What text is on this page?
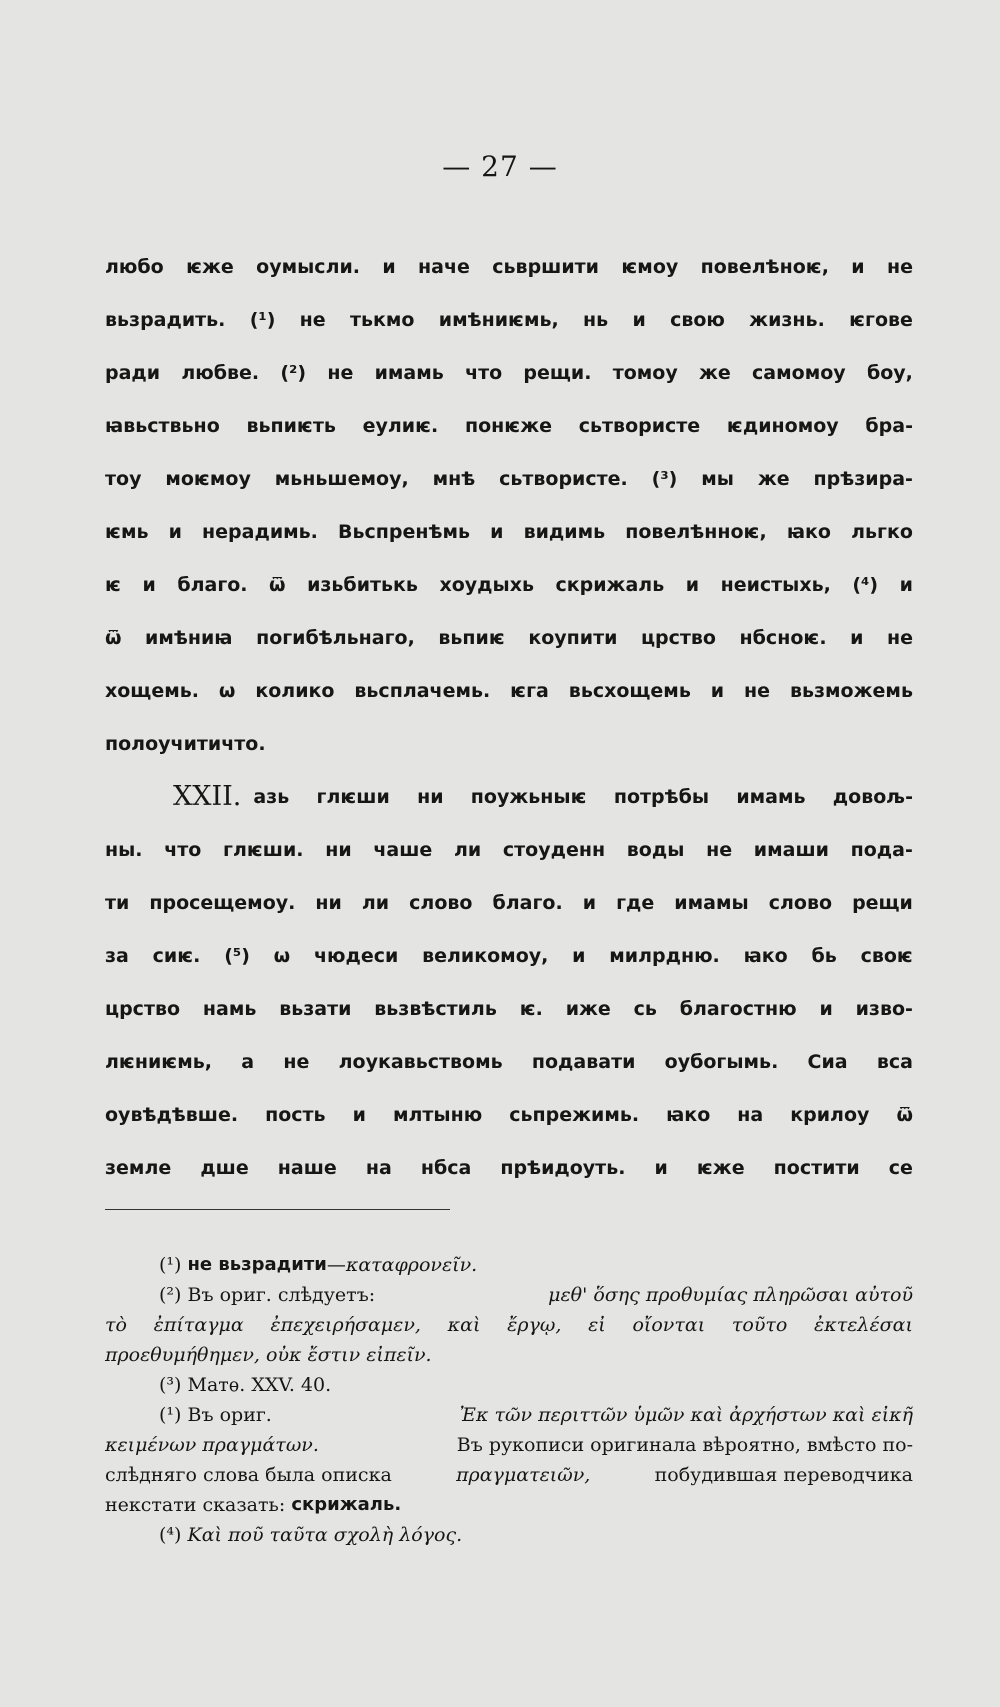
— 27 —
любо ѥже оумысли. и наче сьвршити ѥмоу повелѣноѥ, и не
вьзрадить. (¹) не тькмо имѣниѥмь, нь и свою жизнь. ѥгове
ради любве. (²) не имамь что рещи. томоу же самомоу боу,
ꙗвьствьно вьпиѥть еулиѥ. понѥже сьтвористе ѥдиномоу бра-
тоу моѥмоу мьньшемоу, мнѣ сьтвористе. (³) мы же прѣзира-
ѥмь и нерадимь. Вьспренѣмь и видимь повелѣнноѥ, ꙗко льгко
ѥ и благо. ѿ изьбитькь хоудыхь скрижаль и неистыхь, (⁴) и
ѿ имѣниꙗ погибѣльнаго, вьпиѥ коупити црство нбсноѥ. и не
хощемь. ѡ колико вьсплачемь. ѥга вьсхощемь и не вьзможемь
полоучити что.
XXII. азь глѥши ни поужьныѥ потрѣбы имамь довољ-
ны. что глѥши. ни чаше ли стоуденн воды не имаши пода-
ти просещемоу. ни ли слово благо. и где имамы слово рещи
за сиѥ. (⁵) ѡ чюдеси великомоу, и милрдню. ꙗко бь своѥ
црство намь вьзати вьзвѣстиль ѥ. иже сь благостню и изво-
лѥниѥмь, а не лоукавьствомь подавати оубогымь. Сиа вса
оувѣдѣвше. пость и млтыню сьпрежимь. ꙗко на крилоу ѿ
земле дше наше на нбса прѣидоуть. и ѥже постити се
(¹)
не вьзрадити — καταφρονεῖν.
(²) Въ ориг. слѣдуетъ:	μεθ' ὅσης προθυμίας πληρῶσαι αὐτοῦ
τὸ ἐπίταγμα ἐπεχειρήσαμεν, καὶ ἔργῳ, εἰ οἴονται τοῦτο ἐκτελέσαι
προεθυμήθημεν, οὐκ ἔστιν εἰπεῖν.
(³)
Матѳ. XXV. 40.
(¹) Въ ориг.	Ἐκ τῶν περιττῶν ὑμῶν καὶ ἀρχήστων καὶ εἰκῆ
κειμένων πραγμάτων.	Въ рукописи оригинала вѣроятно, вмѣсто по-
слѣдняго слова была описка	πραγματειῶν,	побудившая переводчика
некстати сказать:
скрижаль.
(⁴)
Καὶ ποῦ ταῦτα σχολὴ λόγος.
